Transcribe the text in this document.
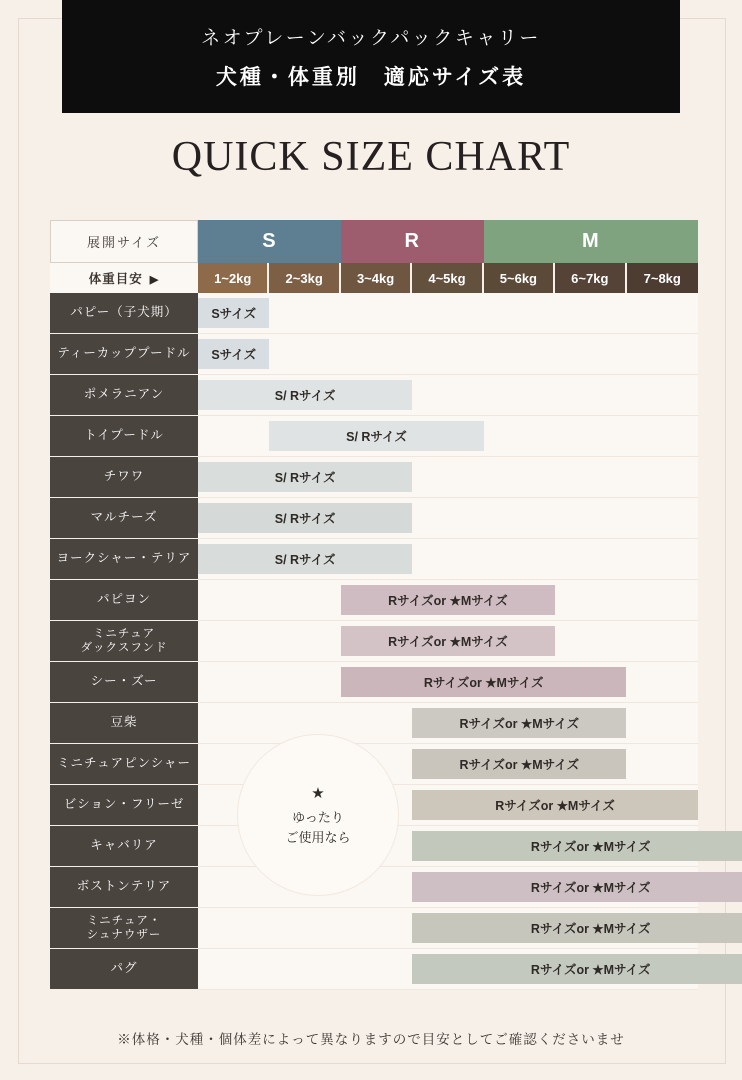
ネオプレーンバックパックキャリー
犬種・体重別　適応サイズ表
QUICK SIZE CHART
展開サイズ	S		R		M		
体重目安 ▶	1~2kg	2~3kg	3~4kg	4~5kg	5~6kg	6~7kg	7~8kg

パピー（子犬期）	Sサイズ						

ティーカッププードル	Sサイズ						

ポメラニアン	S/ Rサイズ						

トイプードル	S/ Rサイズ						

チワワ	S/ Rサイズ						

マルチーズ	S/ Rサイズ						

ヨークシャー・テリア	S/ Rサイズ						

パピヨン	Rサイズor ★Mサイズ						

ミニチュア
ダックスフンド	Rサイズor ★Mサイズ						

シー・ズー	Rサイズor ★Mサイズ						

豆柴	Rサイズor ★Mサイズ						

ミニチュアピンシャー	Rサイズor ★Mサイズ						

ビション・フリーゼ	Rサイズor ★Mサイズ						

キャバリア	Rサイズor ★Mサイズ						

ボストンテリア	Rサイズor ★Mサイズ						

ミニチュア・
シュナウザー	Rサイズor ★Mサイズ						

パグ	Rサイズor ★Mサイズ						
★
ゆったり
ご使用なら
※体格・犬種・個体差によって異なりますので目安としてご確認くださいませ
